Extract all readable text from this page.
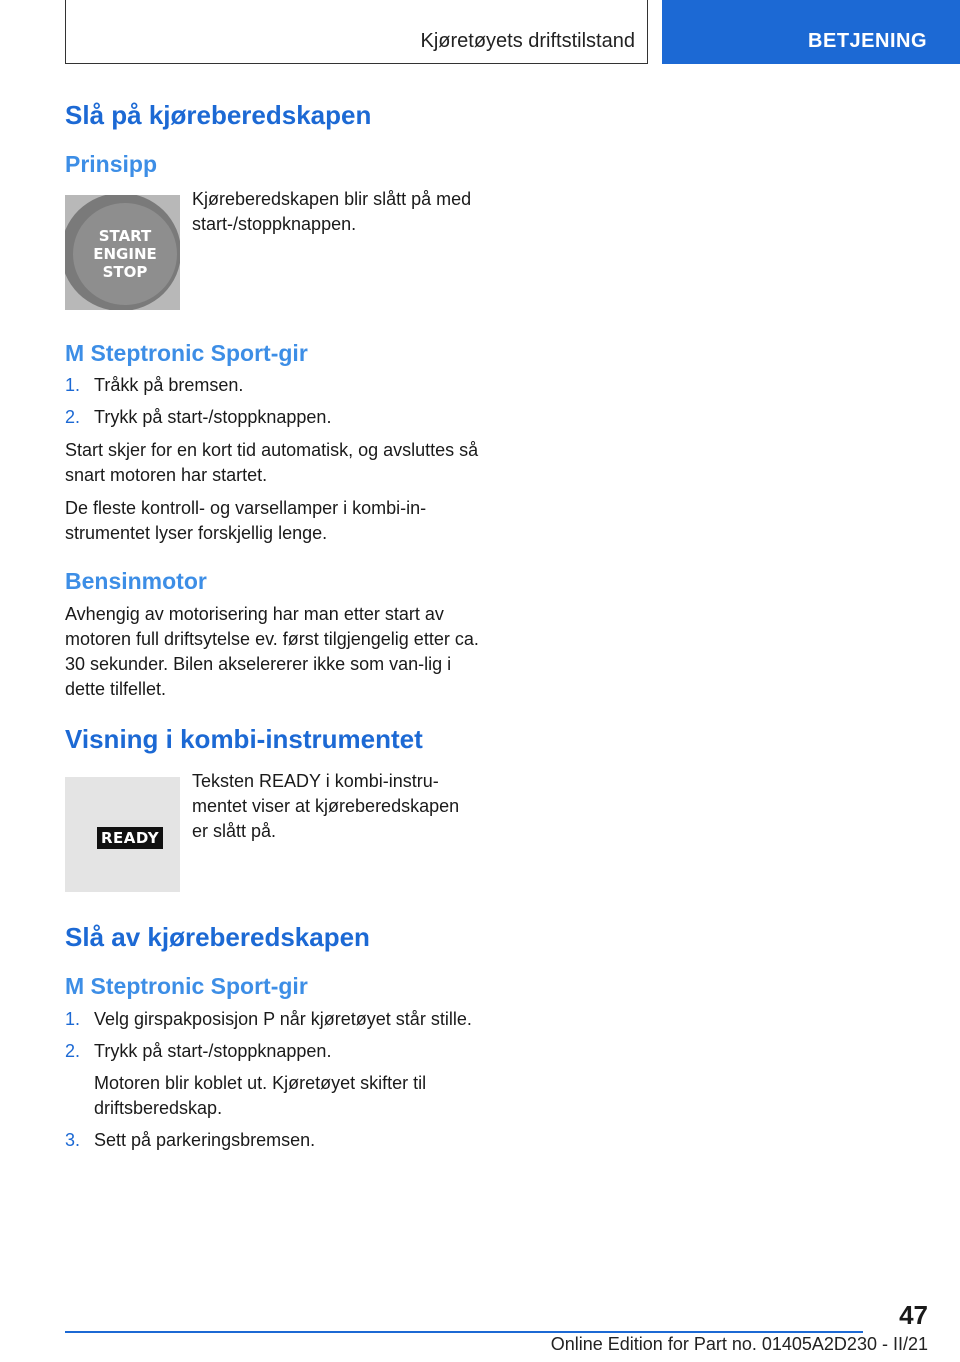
Kjøretøyets driftstilstand	BETJENING
Slå på kjøreberedskapen
Prinsipp
START
ENGINE
STOP

Kjøreberedskapen blir slått på med start-/stoppknappen.

M Steptronic Sport-gir
1. Tråkk på bremsen.
2. Trykk på start-/stoppknappen.

Start skjer for en kort tid automatisk, og avsluttes så snart motoren har startet.

De fleste kontroll- og varsellamper i kombi-in-strumentet lyser forskjellig lenge.

Bensinmotor

Avhengig av motorisering har man etter start av motoren full driftsytelse ev. først tilgjengelig etter ca. 30 sekunder. Bilen akselererer ikke som van-lig i dette tilfellet.

Visning i kombi-instrumentet
READY

Teksten READY i kombi-instru-mentet viser at kjøreberedskapen er slått på.

Slå av kjøreberedskapen
M Steptronic Sport-gir
1. Velg girspakposisjon P når kjøretøyet står stille.
2. Trykk på start-/stoppknappen.

Motoren blir koblet ut. Kjøretøyet skifter til driftsberedskap.

3. Sett på parkeringsbremsen.
47
Online Edition for Part no. 01405A2D230 - II/21
